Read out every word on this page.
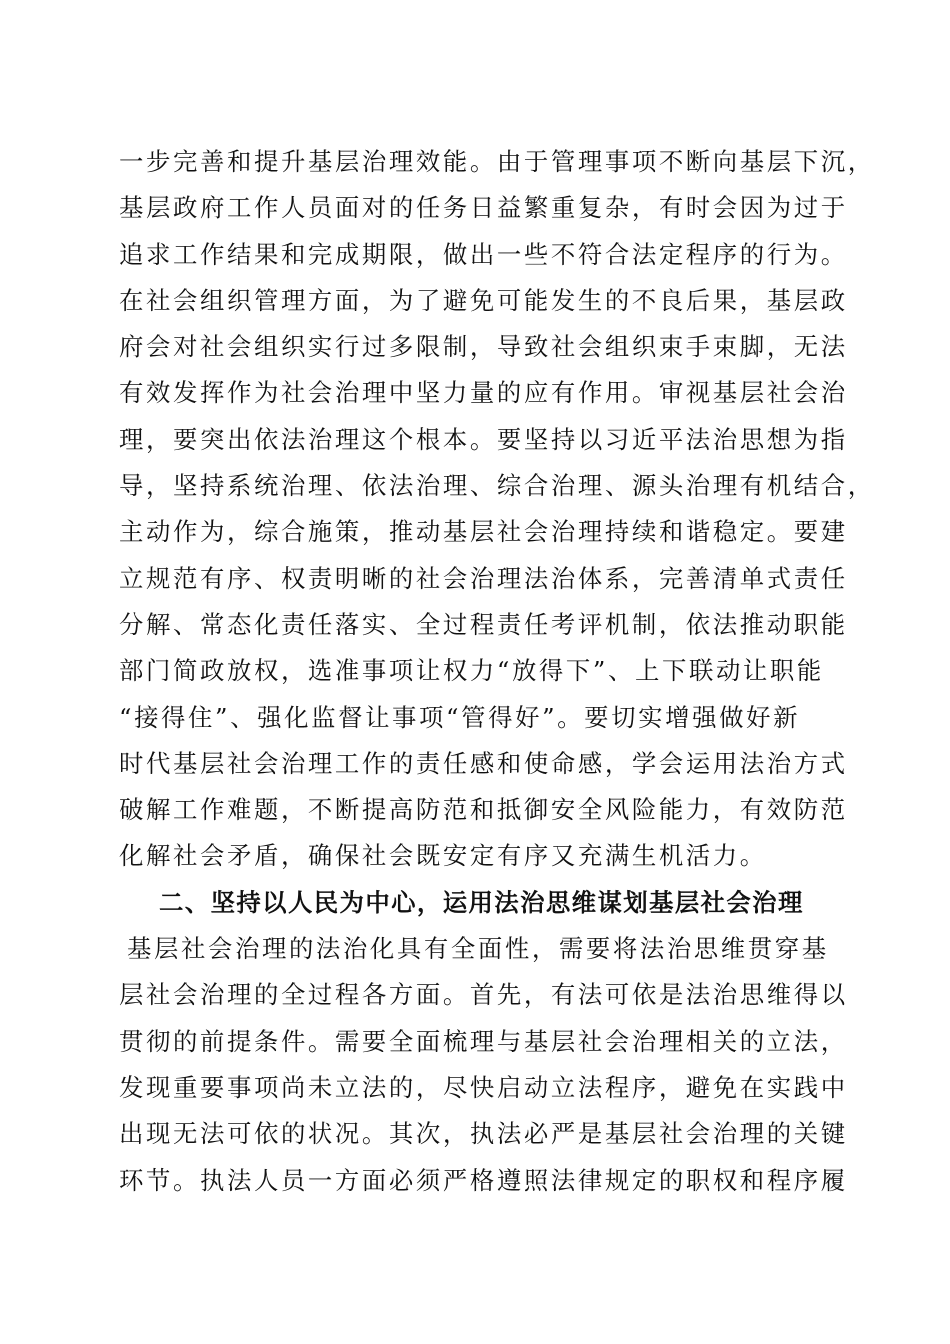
一步完善和提升基层治理效能。由于管理事项不断向基层下沉，
基层政府工作人员面对的任务日益繁重复杂，有时会因为过于
追求工作结果和完成期限，做出一些不符合法定程序的行为。
在社会组织管理方面，为了避免可能发生的不良后果，基层政
府会对社会组织实行过多限制，导致社会组织束手束脚，无法
有效发挥作为社会治理中坚力量的应有作用。审视基层社会治
理，要突出依法治理这个根本。要坚持以习近平法治思想为指
导，坚持系统治理、依法治理、综合治理、源头治理有机结合，
主动作为，综合施策，推动基层社会治理持续和谐稳定。要建
立规范有序、权责明晰的社会治理法治体系，完善清单式责任
分解、常态化责任落实、全过程责任考评机制，依法推动职能
部门简政放权，选准事项让权力“放得下”、上下联动让职能
“接得住”、强化监督让事项“管得好”。要切实增强做好新
时代基层社会治理工作的责任感和使命感，学会运用法治方式
破解工作难题，不断提高防范和抵御安全风险能力，有效防范
化解社会矛盾，确保社会既安定有序又充满生机活力。
二、坚持以人民为中心，运用法治思维谋划基层社会治理
基层社会治理的法治化具有全面性，需要将法治思维贯穿基
层社会治理的全过程各方面。首先，有法可依是法治思维得以
贯彻的前提条件。需要全面梳理与基层社会治理相关的立法，
发现重要事项尚未立法的，尽快启动立法程序，避免在实践中
出现无法可依的状况。其次，执法必严是基层社会治理的关键
环节。执法人员一方面必须严格遵照法律规定的职权和程序履
